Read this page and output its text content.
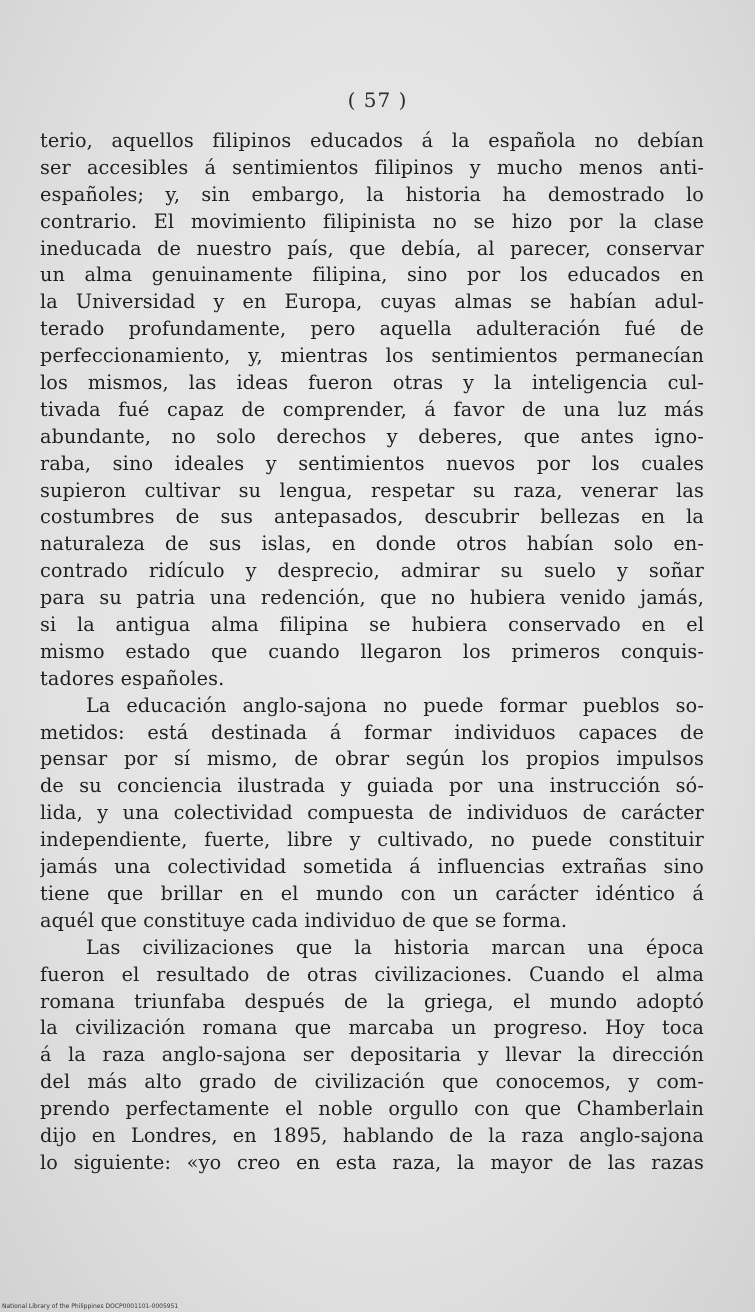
( 57 )
terio, aquellos filipinos educados á la española no debían
ser accesibles á sentimientos filipinos y mucho menos anti-
españoles; y, sin embargo, la historia ha demostrado lo
contrario. El movimiento filipinista no se hizo por la clase
ineducada de nuestro país, que debía, al parecer, conservar
un alma genuinamente filipina, sino por los educados en
la Universidad y en Europa, cuyas almas se habían adul-
terado profundamente, pero aquella adulteración fué de
perfeccionamiento, y, mientras los sentimientos permanecían
los mismos, las ideas fueron otras y la inteligencia cul-
tivada fué capaz de comprender, á favor de una luz más
abundante, no solo derechos y deberes, que antes igno-
raba, sino ideales y sentimientos nuevos por los cuales
supieron cultivar su lengua, respetar su raza, venerar las
costumbres de sus antepasados, descubrir bellezas en la
naturaleza de sus islas, en donde otros habían solo en-
contrado ridículo y desprecio, admirar su suelo y soñar
para su patria una redención, que no hubiera venido jamás,
si la antigua alma filipina se hubiera conservado en el
mismo estado que cuando llegaron los primeros conquis-
tadores españoles.
La educación anglo-sajona no puede formar pueblos so-
metidos: está destinada á formar individuos capaces de
pensar por sí mismo, de obrar según los propios impulsos
de su conciencia ilustrada y guiada por una instrucción só-
lida, y una colectividad compuesta de individuos de carácter
independiente, fuerte, libre y cultivado, no puede constituir
jamás una colectividad sometida á influencias extrañas sino
tiene que brillar en el mundo con un carácter idéntico á
aquél que constituye cada individuo de que se forma.
Las civilizaciones que la historia marcan una época
fueron el resultado de otras civilizaciones. Cuando el alma
romana triunfaba después de la griega, el mundo adoptó
la civilización romana que marcaba un progreso. Hoy toca
á la raza anglo-sajona ser depositaria y llevar la dirección
del más alto grado de civilización que conocemos, y com-
prendo perfectamente el noble orgullo con que Chamberlain
dijo en Londres, en 1895, hablando de la raza anglo-sajona
lo siguiente: «yo creo en esta raza, la mayor de las razas
National Library of the Philippines DOCP0001101-0005951
